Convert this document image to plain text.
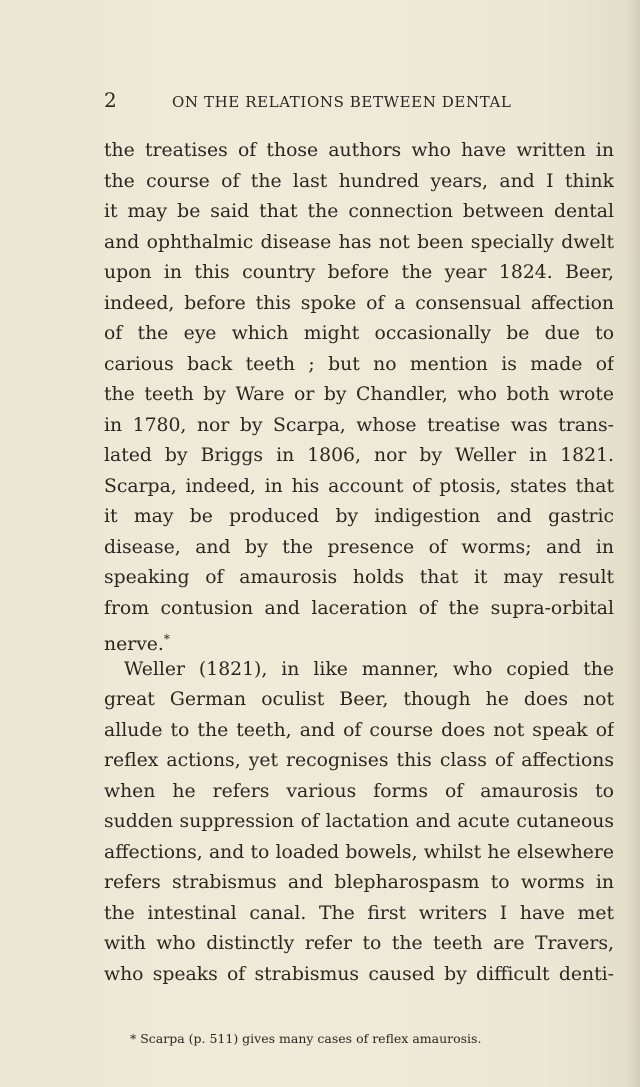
2	ON THE RELATIONS BETWEEN DENTAL
the treatises of those authors who have written in
the course of the last hundred years, and I think
it may be said that the connection between dental
and ophthalmic disease has not been specially dwelt
upon in this country before the year 1824. Beer,
indeed, before this spoke of a consensual affection
of the eye which might occasionally be due to
carious back teeth ; but no mention is made of
the teeth by Ware or by Chandler, who both wrote
in 1780, nor by Scarpa, whose treatise was trans-
lated by Briggs in 1806, nor by Weller in 1821.
Scarpa, indeed, in his account of ptosis, states that
it may be produced by indigestion and gastric
disease, and by the presence of worms; and in
speaking of amaurosis holds that it may result
from contusion and laceration of the supra-orbital
nerve.*
Weller (1821), in like manner, who copied the
great German oculist Beer, though he does not
allude to the teeth, and of course does not speak of
reflex actions, yet recognises this class of affections
when he refers various forms of amaurosis to
sudden suppression of lactation and acute cutaneous
affections, and to loaded bowels, whilst he elsewhere
refers strabismus and blepharospasm to worms in
the intestinal canal. The first writers I have met
with who distinctly refer to the teeth are Travers,
who speaks of strabismus caused by difficult denti-
* Scarpa (p. 511) gives many cases of reflex amaurosis.
